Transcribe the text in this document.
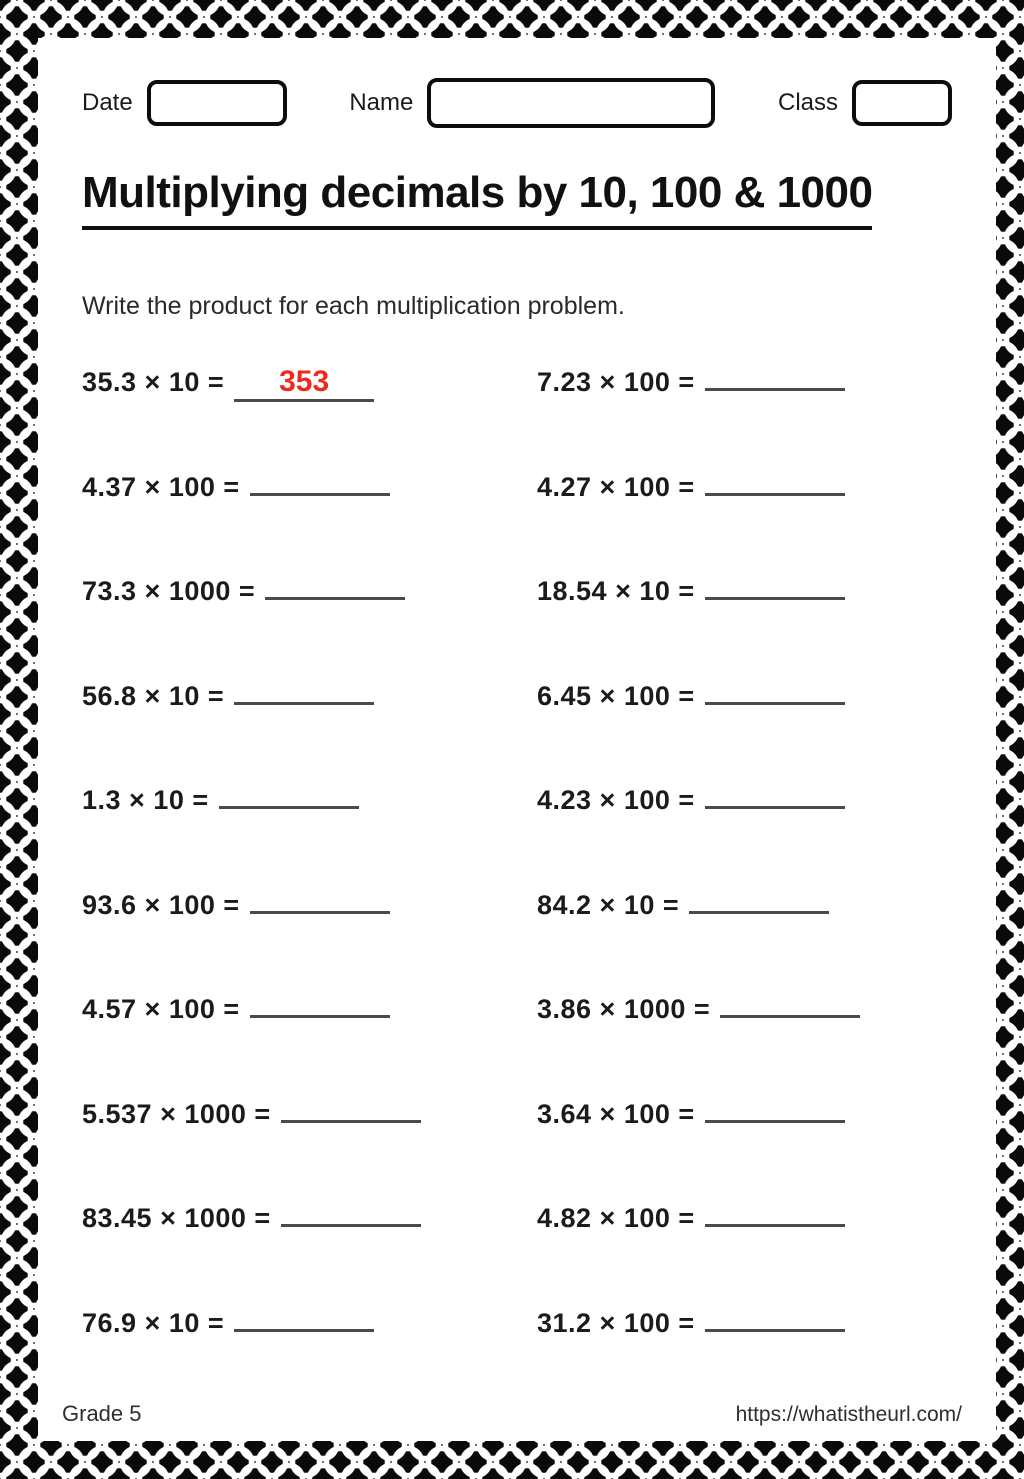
Date	Name	Class
Multiplying decimals by 10, 100 & 1000

Write the product for each multiplication problem.

35.3 × 10 =	353	7.23 × 100 =
4.37 × 100 =	4.27 × 100 =
73.3 × 1000 =	18.54 × 10 =
56.8 × 10 =	6.45 × 100 =
1.3 × 10 =	4.23 × 100 =
93.6 × 100 =	84.2 × 10 =
4.57 × 100 =	3.86 × 1000 =
5.537 × 1000 =	3.64 × 100 =
83.45 × 1000 =	4.82 × 100 =
76.9 × 10 =	31.2 × 100 =
Grade 5	https://whatistheurl.com/
